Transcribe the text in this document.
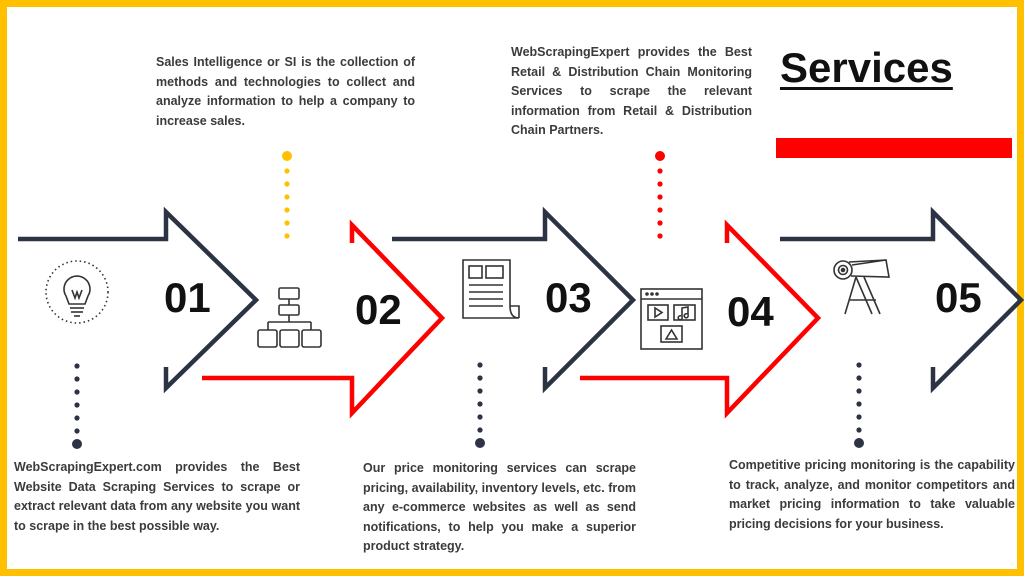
Services
01	02	03	04	05

WebScrapingExpert.com provides the Best Website Data Scraping Services to scrape or extract relevant data from any website you want to scrape in the best possible way.

Sales Intelligence or SI is the collection of methods and technologies to collect and analyze information to help a company to increase sales.

Our price monitoring services can scrape pricing, availability, inventory levels, etc. from any e-commerce websites as well as send notifications, to help you make a superior product strategy.

WebScrapingExpert provides the Best Retail & Distribution Chain Monitoring Services to scrape the relevant information from Retail & Distribution Chain Partners.

Competitive pricing monitoring is the capability to track, analyze, and monitor competitors and market pricing information to take valuable pricing decisions for your business.
